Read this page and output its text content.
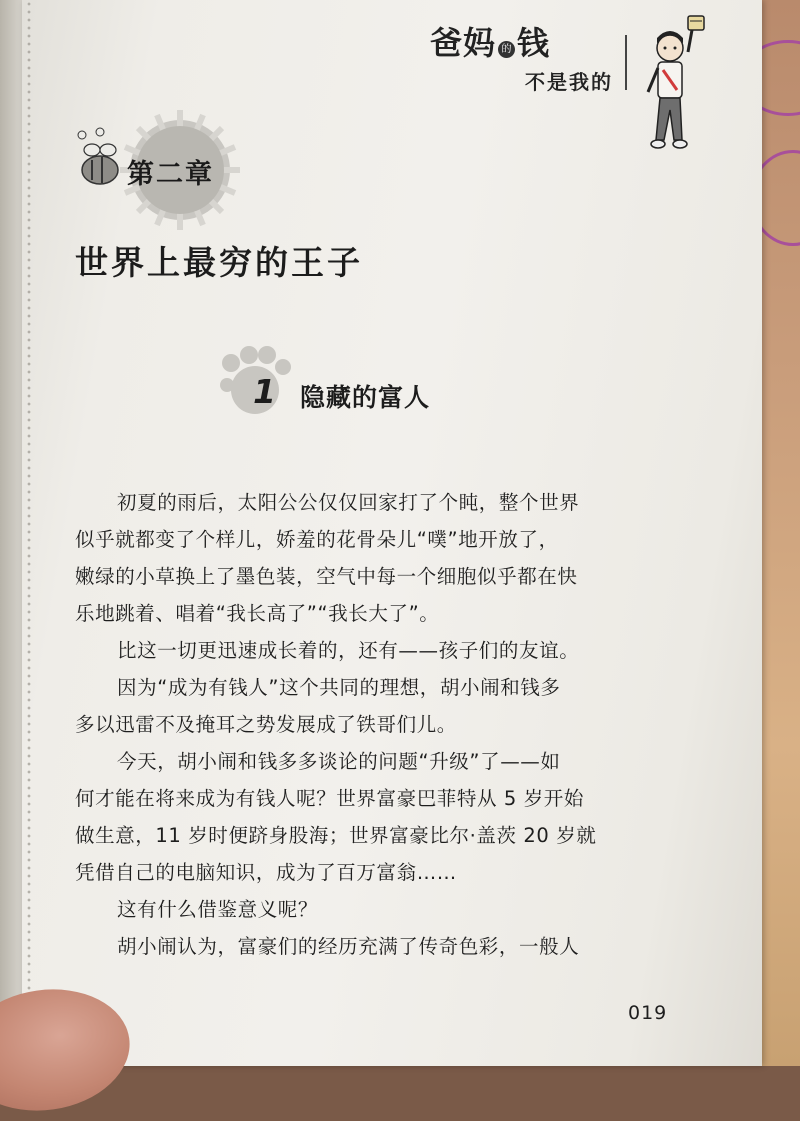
爸妈 的 钱
不是我的
第二章
世界上最穷的王子
1 隐藏的富人
初夏的雨后，太阳公公仅仅回家打了个盹，整个世界
似乎就都变了个样儿，娇羞的花骨朵儿“噗”地开放了，
嫩绿的小草换上了墨色装，空气中每一个细胞似乎都在快
乐地跳着、唱着“我长高了”“我长大了”。
比这一切更迅速成长着的，还有——孩子们的友谊。
因为“成为有钱人”这个共同的理想，胡小闹和钱多
多以迅雷不及掩耳之势发展成了铁哥们儿。
今天，胡小闹和钱多多谈论的问题“升级”了——如
何才能在将来成为有钱人呢？世界富豪巴菲特从 5 岁开始
做生意，11 岁时便跻身股海；世界富豪比尔·盖茨 20 岁就
凭借自己的电脑知识，成为了百万富翁……
这有什么借鉴意义呢？
胡小闹认为，富豪们的经历充满了传奇色彩，一般人
019
